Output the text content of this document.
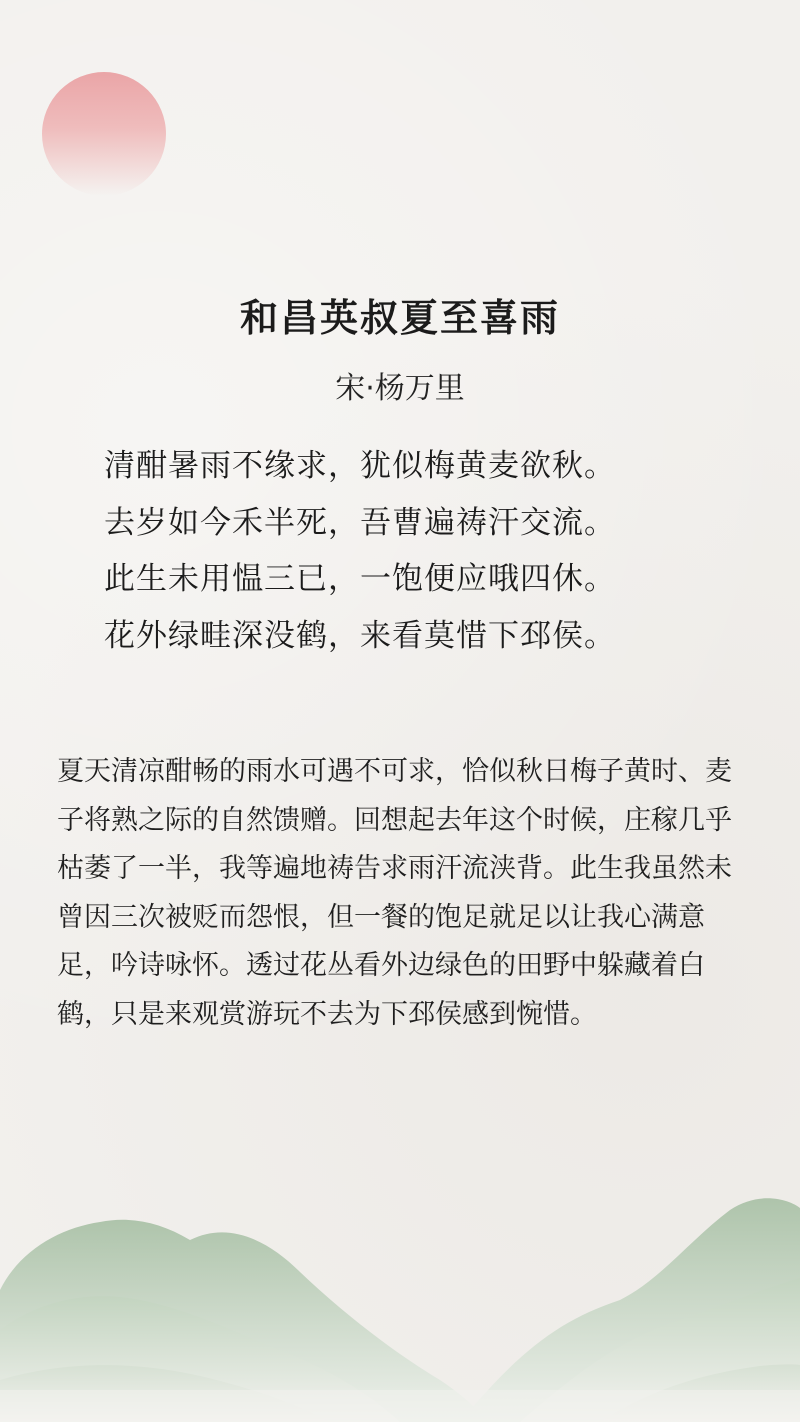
和昌英叔夏至喜雨
宋·杨万里
清酣暑雨不缘求，犹似梅黄麦欲秋。
去岁如今禾半死，吾曹遍祷汗交流。
此生未用愠三已，一饱便应哦四休。
花外绿畦深没鹤，来看莫惜下邳侯。
夏天清凉酣畅的雨水可遇不可求，恰似秋日梅子黄时、麦子将熟之际的自然馈赠。回想起去年这个时候，庄稼几乎枯萎了一半，我等遍地祷告求雨汗流浃背。此生我虽然未曾因三次被贬而怨恨，但一餐的饱足就足以让我心满意足，吟诗咏怀。透过花丛看外边绿色的田野中躲藏着白鹤，只是来观赏游玩不去为下邳侯感到惋惜。
